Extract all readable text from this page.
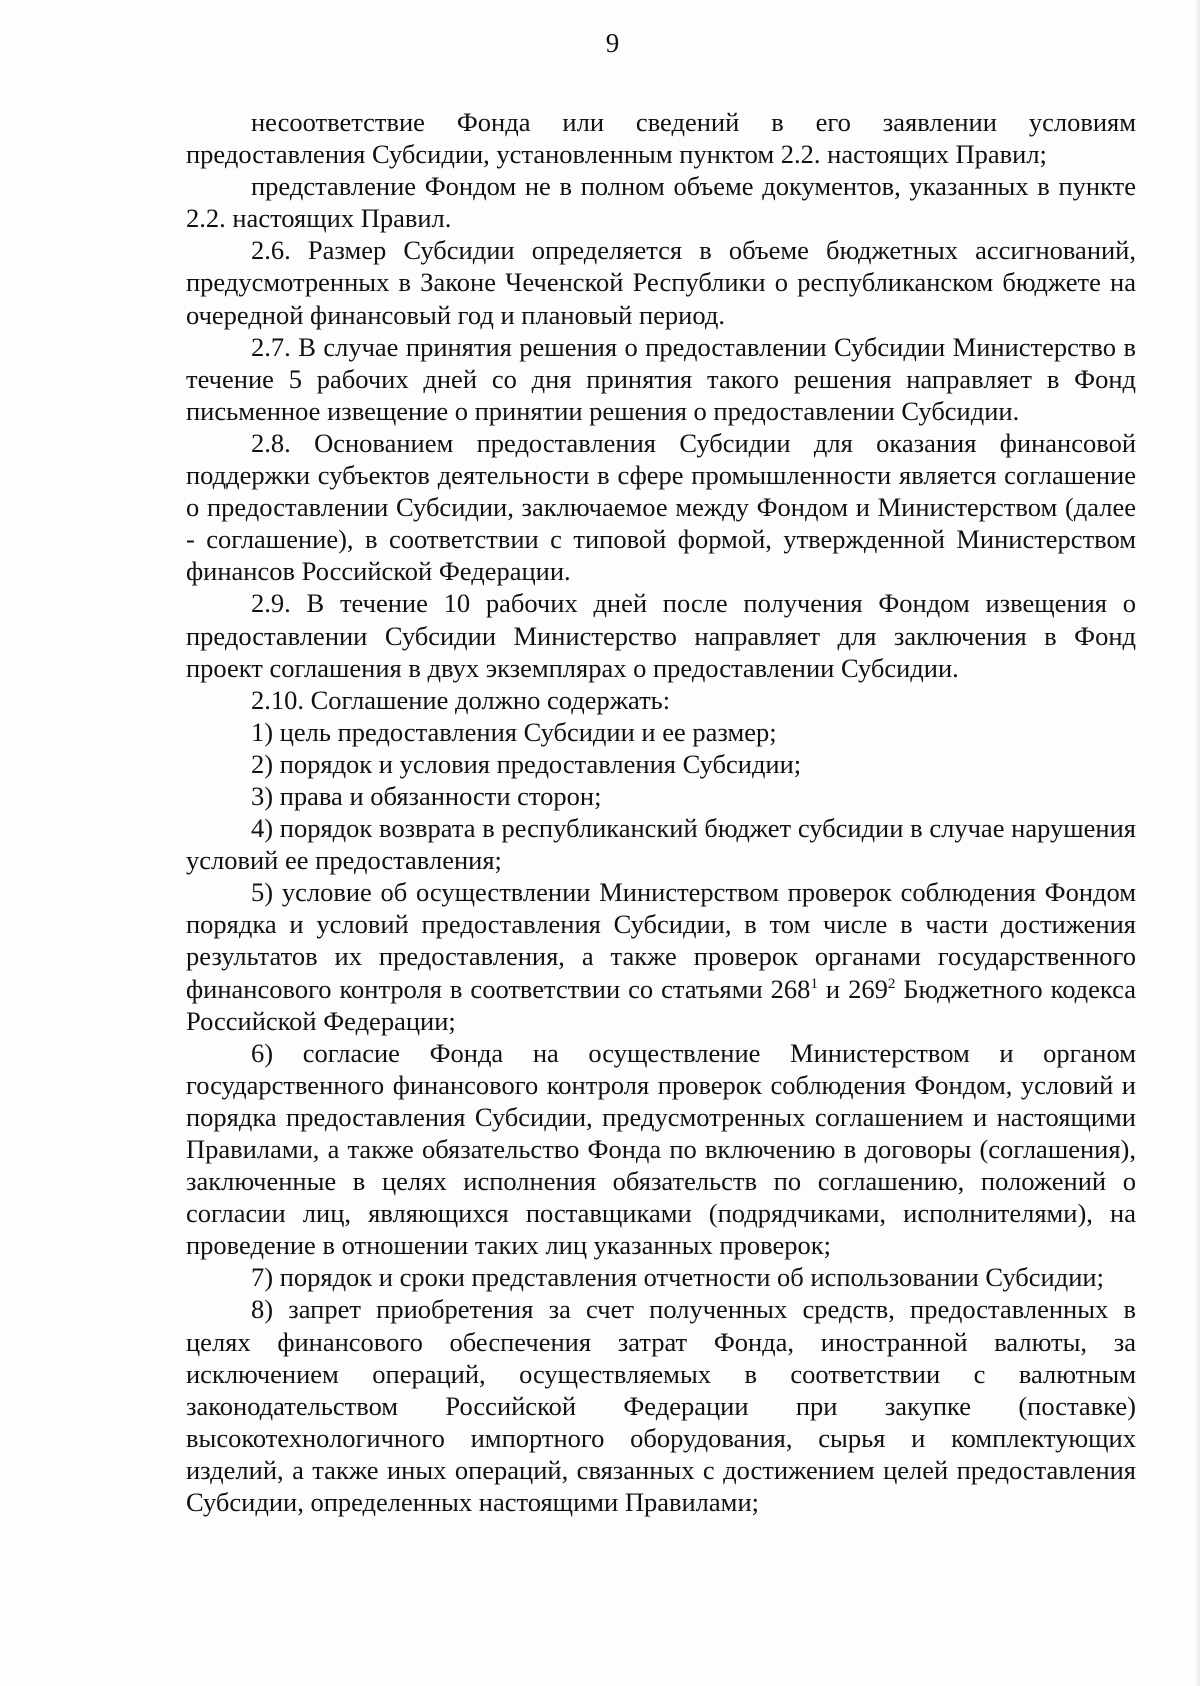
9

несоответствие Фонда или сведений в его заявлении условиям предоставления Субсидии, установленным пунктом 2.2. настоящих Правил;

представление Фондом не в полном объеме документов, указанных в пункте 2.2. настоящих Правил.

2.6. Размер Субсидии определяется в объеме бюджетных ассигнований, предусмотренных в Законе Чеченской Республики о республиканском бюджете на очередной финансовый год и плановый период.

2.7. В случае принятия решения о предоставлении Субсидии Министерство в течение 5 рабочих дней со дня принятия такого решения направляет в Фонд письменное извещение о принятии решения о предоставлении Субсидии.

2.8. Основанием предоставления Субсидии для оказания финансовой поддержки субъектов деятельности в сфере промышленности является соглашение о предоставлении Субсидии, заключаемое между Фондом и Министерством (далее - соглашение), в соответствии с типовой формой, утвержденной Министерством финансов Российской Федерации.

2.9. В течение 10 рабочих дней после получения Фондом извещения о предоставлении Субсидии Министерство направляет для заключения в Фонд проект соглашения в двух экземплярах о предоставлении Субсидии.

2.10. Соглашение должно содержать:

1) цель предоставления Субсидии и ее размер;

2) порядок и условия предоставления Субсидии;

3) права и обязанности сторон;

4) порядок возврата в республиканский бюджет субсидии в случае нарушения условий ее предоставления;

5) условие об осуществлении Министерством проверок соблюдения Фондом порядка и условий предоставления Субсидии, в том числе в части достижения результатов их предоставления, а также проверок органами государственного финансового контроля в соответствии со статьями $268^1$ и $269^2$ Бюджетного кодекса Российской Федерации;

6) согласие Фонда на осуществление Министерством и органом государственного финансового контроля проверок соблюдения Фондом, условий и порядка предоставления Субсидии, предусмотренных соглашением и настоящими Правилами, а также обязательство Фонда по включению в договоры (соглашения), заключенные в целях исполнения обязательств по соглашению, положений о согласии лиц, являющихся поставщиками (подрядчиками, исполнителями), на проведение в отношении таких лиц указанных проверок;

7) порядок и сроки представления отчетности об использовании Субсидии;

8) запрет приобретения за счет полученных средств, предоставленных в целях финансового обеспечения затрат Фонда, иностранной валюты, за исключением операций, осуществляемых в соответствии с валютным законодательством Российской Федерации при закупке (поставке) высокотехнологичного импортного оборудования, сырья и комплектующих изделий, а также иных операций, связанных с достижением целей предоставления Субсидии, определенных настоящими Правилами;
